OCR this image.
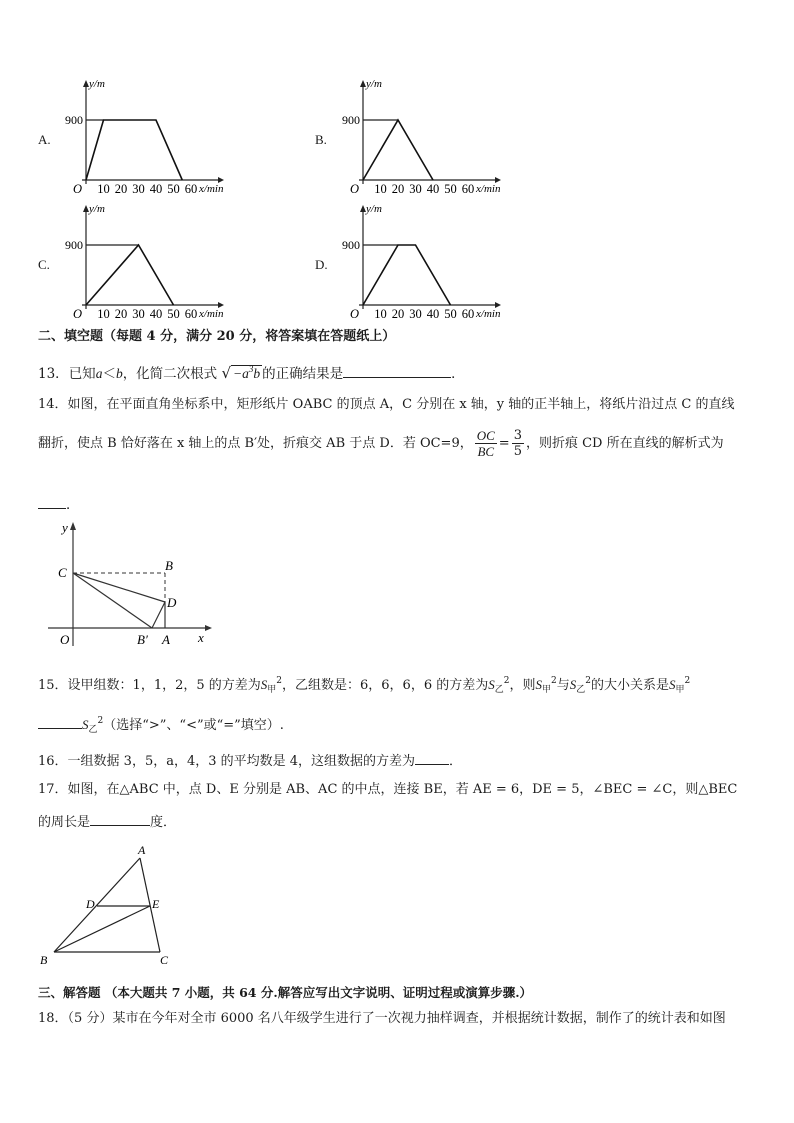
A.
y/m
900
O 10 20 30 40 50 60 x/min
B.
y/m
900
O 10 20 30 40 50 60 x/min
C.
y/m
900
O 10 20 30 40 50 60 x/min
D.
y/m
900
O 10 20 30 40 50 60 x/min
二、填空题（每题 4 分，满分 20 分，将答案填在答题纸上）
13．已知a＜b，化简二次根式 √ $-a^3b$ 的正确结果是	．
14．如图，在平面直角坐标系中，矩形纸片 OABC 的顶点 A，C 分别在 x 轴，y 轴的正半轴上，将纸片沿过点 C 的直线
翻折，使点 B 恰好落在 x 轴上的点 B′处，折痕交 AB 于点 D．若 OC=9， $\frac{OC}{BC} = \frac{3}{5}$ ，则折痕 CD 所在直线的解析式为
．
y
x
O
C	B
D
B′ A
15．设甲组数：1，1，2，5 的方差为$S_甲^2$，乙组数是：6，6，6，6 的方差为$S_乙^2$，则$S_甲^2$与$S_乙^2$的大小关系是$S_甲^2$
$S_乙^2$（选择“>”、“<”或“=”填空）.
16．一组数据 3，5，a，4，3 的平均数是 4，这组数据的方差为	．
17．如图，在△ABC 中，点 D、E 分别是 AB、AC 的中点，连接 BE，若 AE = 6，DE = 5，∠BEC = ∠C，则△BEC
的周长是	度．
A
B	C
D	E
三、解答题 （本大题共 7 小题，共 64 分.解答应写出文字说明、证明过程或演算步骤.）
18．（5 分）某市在今年对全市 6000 名八年级学生进行了一次视力抽样调查，并根据统计数据，制作了的统计表和如图
